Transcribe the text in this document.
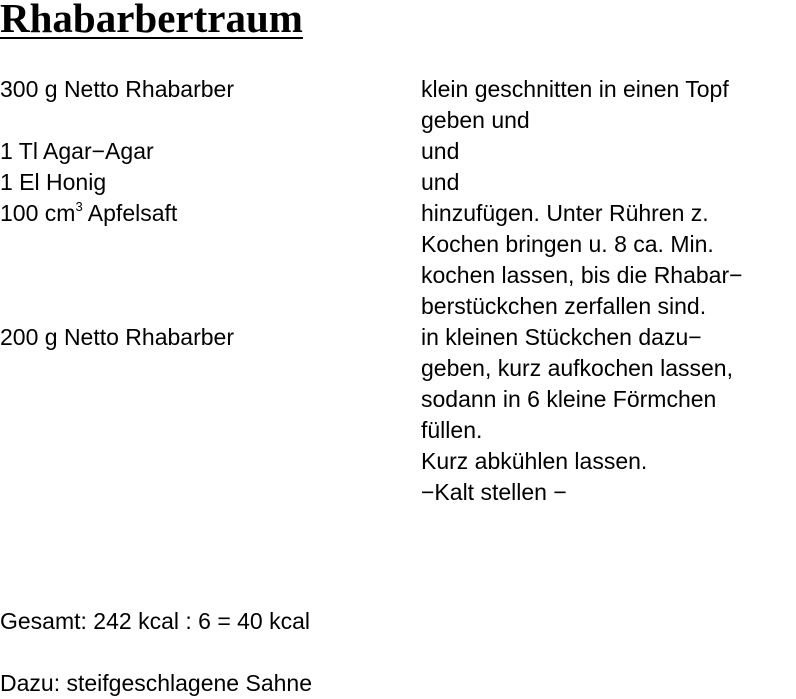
Rhabarbertraum
300 g Netto Rhabarber
1 Tl Agar−Agar
1 El Honig
100 $cm^3$ Apfelsaft
200 g Netto Rhabarber
klein geschnitten in einen Topf
geben und
und
und
hinzufügen. Unter Rühren z.
Kochen bringen u. 8 ca. Min.
kochen lassen, bis die Rhabar−
berstückchen zerfallen sind.
in kleinen Stückchen dazu−
geben, kurz aufkochen lassen,
sodann in 6 kleine Förmchen
füllen.
Kurz abkühlen lassen.
−Kalt stellen −
Gesamt: 242 kcal : 6 = 40 kcal
Dazu: steifgeschlagene Sahne
